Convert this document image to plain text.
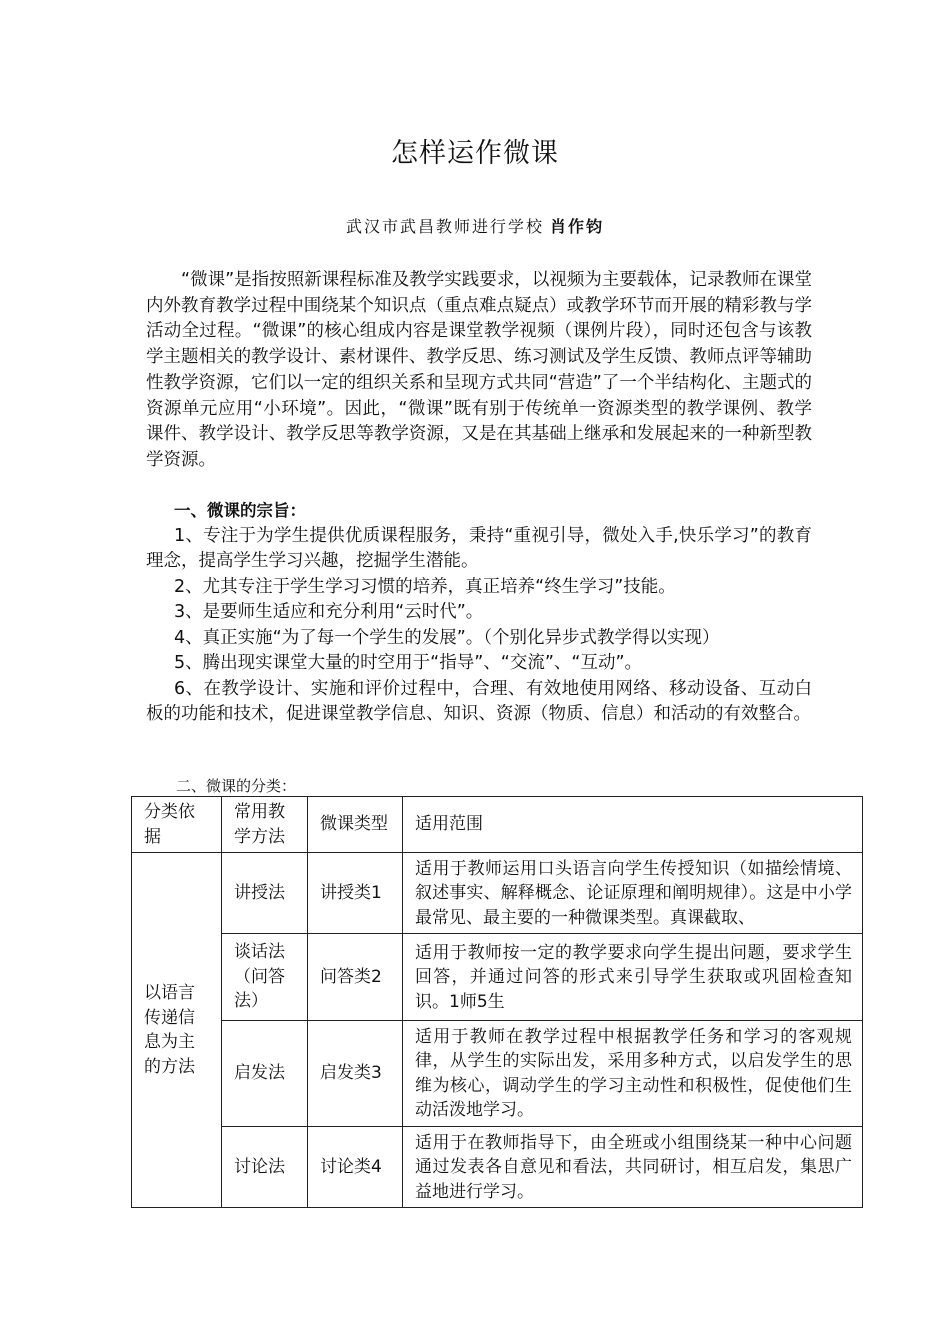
怎样运作微课
武汉市武昌教师进行学校 肖作钧

“微课”是指按照新课程标准及教学实践要求，以视频为主要载体，记录教师在课堂内外教育教学过程中围绕某个知识点（重点难点疑点）或教学环节而开展的精彩教与学活动全过程。“微课”的核心组成内容是课堂教学视频（课例片段），同时还包含与该教学主题相关的教学设计、素材课件、教学反思、练习测试及学生反馈、教师点评等辅助性教学资源，它们以一定的组织关系和呈现方式共同“营造”了一个半结构化、主题式的资源单元应用“小环境”。因此，“微课”既有别于传统单一资源类型的教学课例、教学课件、教学设计、教学反思等教学资源，又是在其基础上继承和发展起来的一种新型教学资源。

一、微课的宗旨：
1、专注于为学生提供优质课程服务，秉持“重视引导，微处入手,快乐学习”的教育理念，提高学生学习兴趣，挖掘学生潜能。
2、尤其专注于学生学习习惯的培养，真正培养“终生学习”技能。
3、是要师生适应和充分利用“云时代”。
4、真正实施“为了每一个学生的发展”。（个别化异步式教学得以实现）
5、腾出现实课堂大量的时空用于“指导”、“交流”、“互动”。
6、在教学设计、实施和评价过程中，合理、有效地使用网络、移动设备、互动白板的功能和技术，促进课堂教学信息、知识、资源（物质、信息）和活动的有效整合。
二、微课的分类：
分类依据	常用教学方法	微课类型	适用范围
以语言传递信息为主的方法	讲授法	讲授类1	适用于教师运用口头语言向学生传授知识（如描绘情境、叙述事实、解释概念、论证原理和阐明规律）。这是中小学最常见、最主要的一种微课类型。真课截取、

	谈话法（问答法）	问答类2	适用于教师按一定的教学要求向学生提出问题，要求学生回答，并通过问答的形式来引导学生获取或巩固检查知识。1师5生

	启发法	启发类3	适用于教师在教学过程中根据教学任务和学习的客观规律，从学生的实际出发，采用多种方式，以启发学生的思维为核心，调动学生的学习主动性和积极性，促使他们生动活泼地学习。

	讨论法	讨论类4	适用于在教师指导下，由全班或小组围绕某一种中心问题通过发表各自意见和看法，共同研讨，相互启发，集思广益地进行学习。
